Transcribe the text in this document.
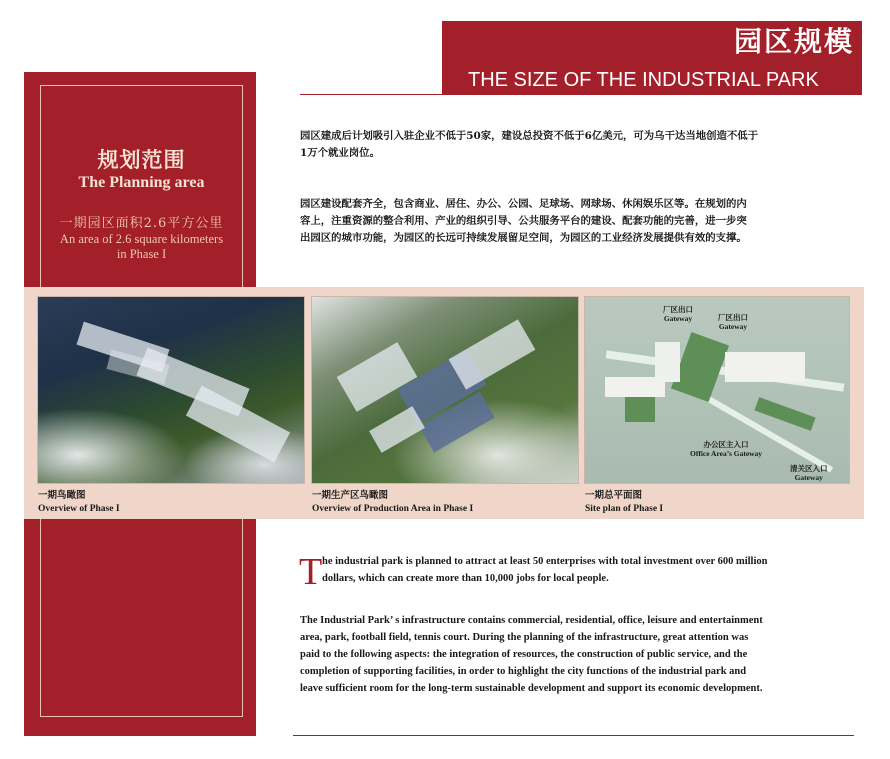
园区规模
THE SIZE OF THE INDUSTRIAL PARK
规划范围
The Planning area
一期园区面积2.6平方公里
An area of 2.6 square kilometers
in Phase I
园区建成后计划吸引入驻企业不低于50家，建设总投资不低于6亿美元，可为乌干达当地创造不低于
1万个就业岗位。
园区建设配套齐全，包含商业、居住、办公、公园、足球场、网球场、休闲娱乐区等。在规划的内
容上，注重资源的整合利用、产业的组织引导、公共服务平台的建设、配套功能的完善，进一步突
出园区的城市功能，为园区的长远可持续发展留足空间，为园区的工业经济发展提供有效的支撑。
厂区出口
Gateway	厂区出口
Gateway
办公区主入口
Office Area’s Gateway
清关区入口
Gateway
一期鸟瞰图
Overview of Phase I
一期生产区鸟瞰图
Overview of Production Area in Phase I
一期总平面图
Site plan of Phase I
T he industrial park is planned to attract at least 50 enterprises with total investment over 600 million
dollars, which can create more than 10,000 jobs for local people.
The Industrial Park’ s infrastructure contains commercial, residential, office, leisure and entertainment
area, park, football field, tennis court. During the planning of the infrastructure, great attention was
paid to the following aspects: the integration of resources, the construction of public service, and the
completion of supporting facilities, in order to highlight the city functions of the industrial park and
leave sufficient room for the long-term sustainable development and support its economic development.
